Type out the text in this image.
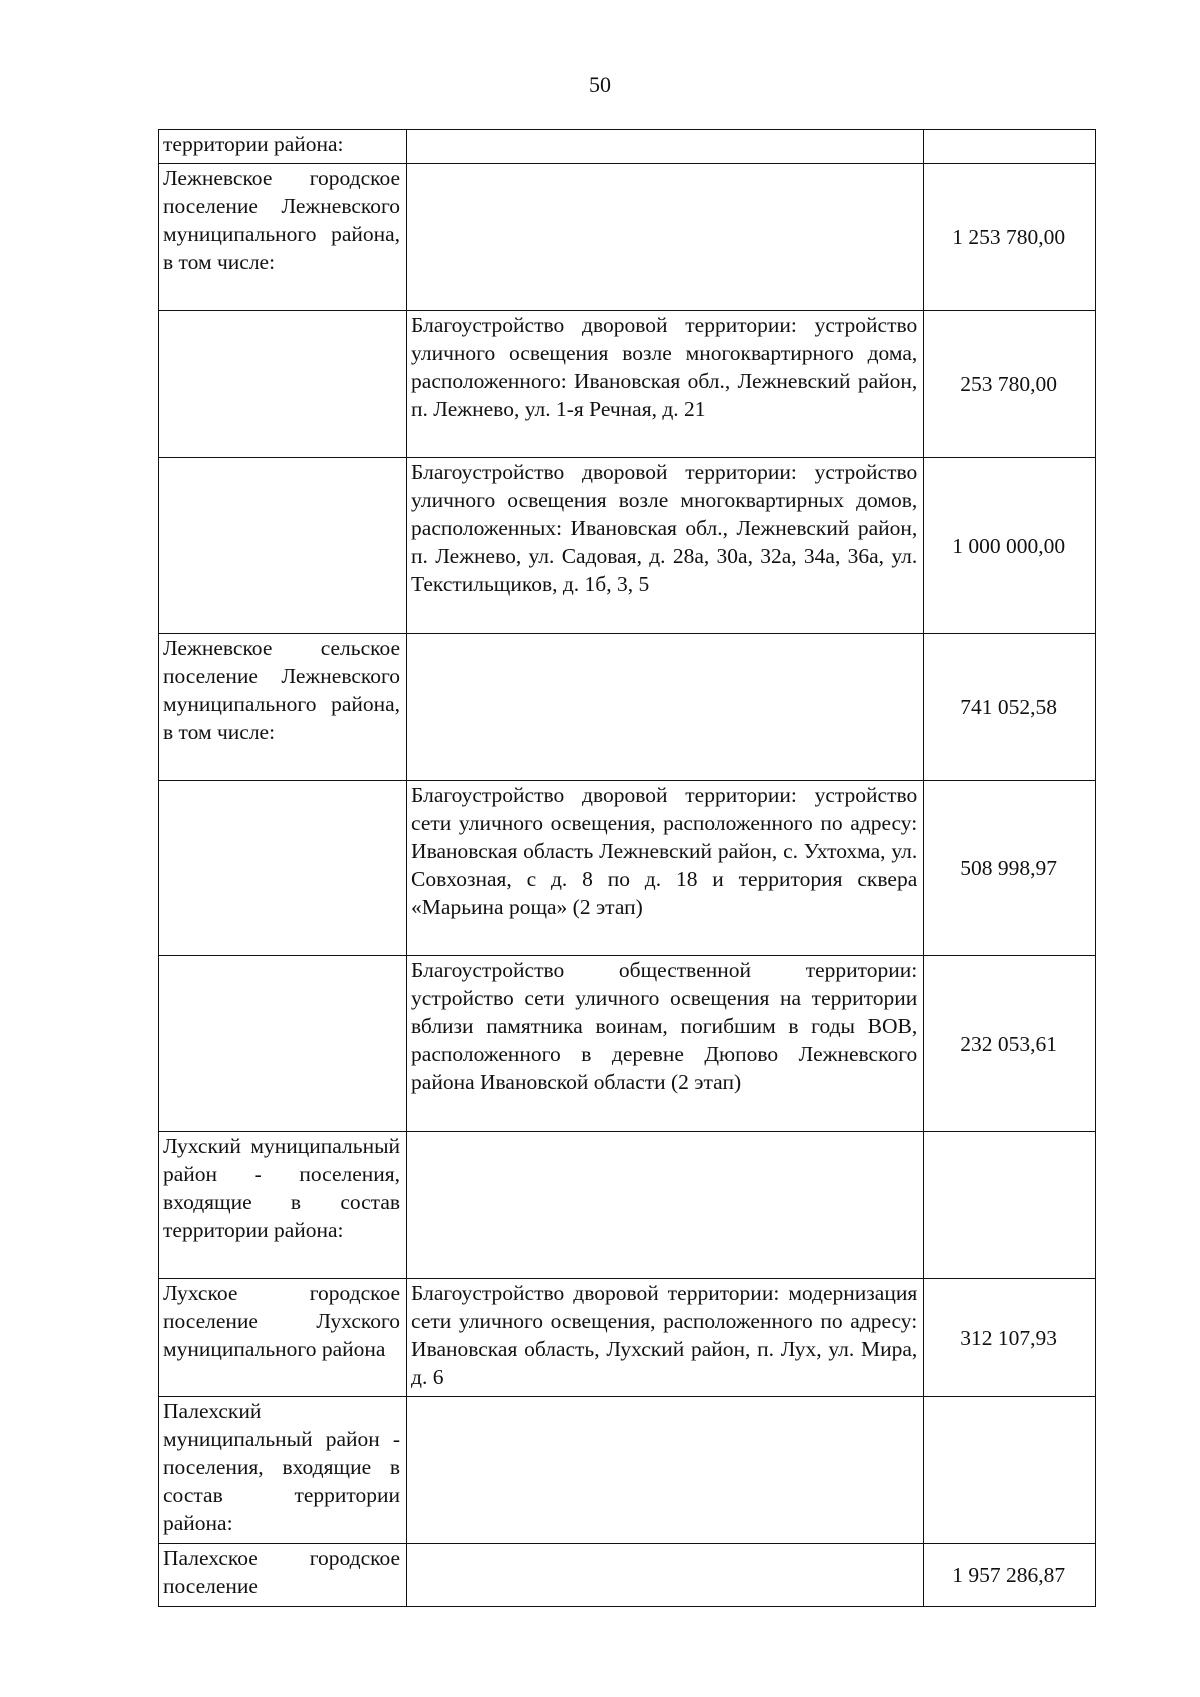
50
территории района:		
Лежневское городское поселение Лежневского муниципального района, в том числе:		1 253 780,00
	Благоустройство дворовой территории: устройство уличного освещения возле многоквартирного дома, расположенного: Ивановская обл., Лежневский район, п. Лежнево, ул. 1-я Речная, д. 21	253 780,00
	Благоустройство дворовой территории: устройство уличного освещения возле многоквартирных домов, расположенных: Ивановская обл., Лежневский район, п. Лежнево, ул. Садовая, д. 28а, 30а, 32а, 34а, 36а, ул. Текстильщиков, д. 1б, 3, 5	1 000 000,00
Лежневское сельское поселение Лежневского муниципального района, в том числе:		741 052,58
	Благоустройство дворовой территории: устройство сети уличного освещения, расположенного по адресу: Ивановская область Лежневский район, с. Ухтохма, ул. Совхозная, с д. 8 по д. 18 и территория сквера «Марьина роща» (2 этап)	508 998,97
	Благоустройство общественной территории: устройство сети уличного освещения на территории вблизи памятника воинам, погибшим в годы ВОВ, расположенного в деревне Дюпово Лежневского района Ивановской области (2 этап)	232 053,61
Лухский муниципальный район - поселения, входящие в состав территории района:		
Лухское городское поселение Лухского муниципального района	Благоустройство дворовой территории: модернизация сети уличного освещения, расположенного по адресу: Ивановская область, Лухский район, п. Лух, ул. Мира, д. 6	312 107,93
Палехский муниципальный район - поселения, входящие в состав территории района:		
Палехское городское поселение		1 957 286,87
